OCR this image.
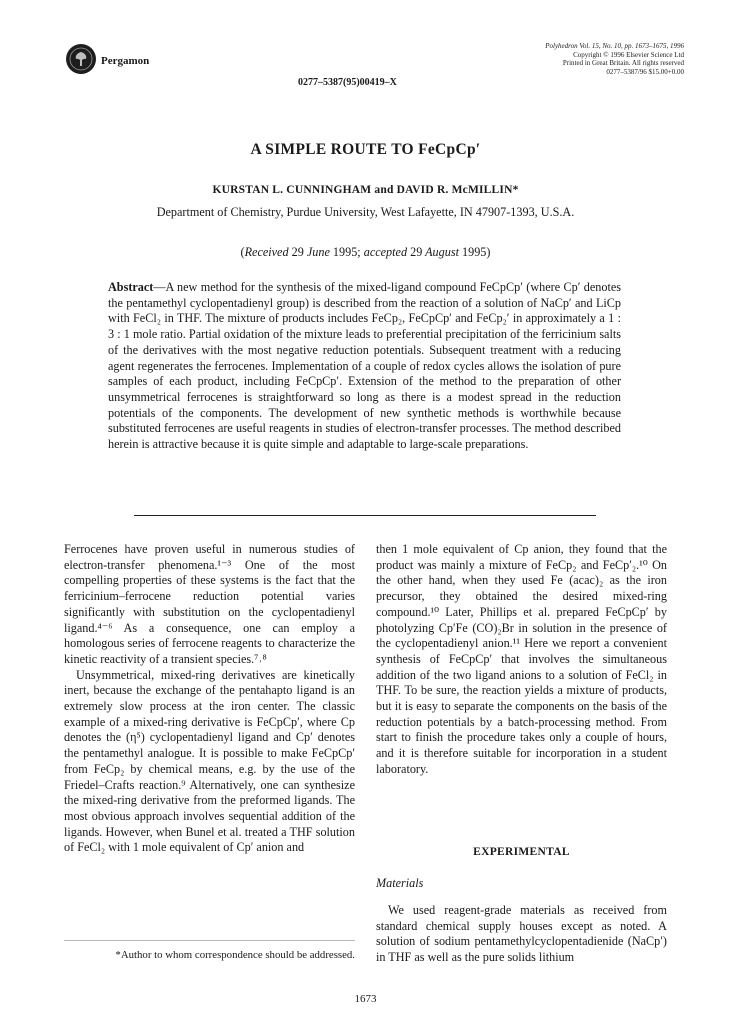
Pergamon
Polyhedron Vol. 15, No. 10, pp. 1673–1675, 1996
Copyright © 1996 Elsevier Science Ltd
Printed in Great Britain. All rights reserved
0277–5387/96 $15.00+0.00
0277–5387(95)00419–X
A SIMPLE ROUTE TO FeCpCp′
KURSTAN L. CUNNINGHAM and DAVID R. McMILLIN*
Department of Chemistry, Purdue University, West Lafayette, IN 47907-1393, U.S.A.
(Received 29 June 1995; accepted 29 August 1995)
Abstract—A new method for the synthesis of the mixed-ligand compound FeCpCp′ (where Cp′ denotes the pentamethyl cyclopentadienyl group) is described from the reaction of a solution of NaCp′ and LiCp with FeCl₂ in THF. The mixture of products includes FeCp₂, FeCpCp′ and FeCp₂′ in approximately a 1 : 3 : 1 mole ratio. Partial oxidation of the mixture leads to preferential precipitation of the ferricinium salts of the derivatives with the most negative reduction potentials. Subsequent treatment with a reducing agent regenerates the ferrocenes. Implementation of a couple of redox cycles allows the isolation of pure samples of each product, including FeCpCp′. Extension of the method to the preparation of other unsymmetrical ferrocenes is straightforward so long as there is a modest spread in the reduction potentials of the components. The development of new synthetic methods is worthwhile because substituted ferrocenes are useful reagents in studies of electron-transfer processes. The method described herein is attractive because it is quite simple and adaptable to large-scale preparations.

Ferrocenes have proven useful in numerous studies of electron-transfer phenomena.¹⁻³ One of the most compelling properties of these systems is the fact that the ferricinium–ferrocene reduction potential varies significantly with substitution on the cyclopentadienyl ligand.⁴⁻⁶ As a consequence, one can employ a homologous series of ferrocene reagents to characterize the kinetic reactivity of a transient species.⁷˒⁸

Unsymmetrical, mixed-ring derivatives are kinetically inert, because the exchange of the pentahapto ligand is an extremely slow process at the iron center. The classic example of a mixed-ring derivative is FeCpCp′, where Cp denotes the (η⁵) cyclopentadienyl ligand and Cp′ denotes the pentamethyl analogue. It is possible to make FeCpCp′ from FeCp₂ by chemical means, e.g. by the use of the Friedel–Crafts reaction.⁹ Alternatively, one can synthesize the mixed-ring derivative from the preformed ligands. The most obvious approach involves sequential addition of the ligands. However, when Bunel et al. treated a THF solution of FeCl₂ with 1 mole equivalent of Cp′ anion and

then 1 mole equivalent of Cp anion, they found that the product was mainly a mixture of FeCp₂ and FeCp′₂.¹⁰ On the other hand, when they used Fe (acac)₂ as the iron precursor, they obtained the desired mixed-ring compound.¹⁰ Later, Phillips et al. prepared FeCpCp′ by photolyzing Cp′Fe (CO)₂Br in solution in the presence of the cyclopentadienyl anion.¹¹ Here we report a convenient synthesis of FeCpCp′ that involves the simultaneous addition of the two ligand anions to a solution of FeCl₂ in THF. To be sure, the reaction yields a mixture of products, but it is easy to separate the components on the basis of the reduction potentials by a batch-processing method. From start to finish the procedure takes only a couple of hours, and it is therefore suitable for incorporation in a student laboratory.

EXPERIMENTAL
Materials

We used reagent-grade materials as received from standard chemical supply houses except as noted. A solution of sodium pentamethylcyclopentadienide (NaCp′) in THF as well as the pure solids lithium

*Author to whom correspondence should be addressed.
1673
